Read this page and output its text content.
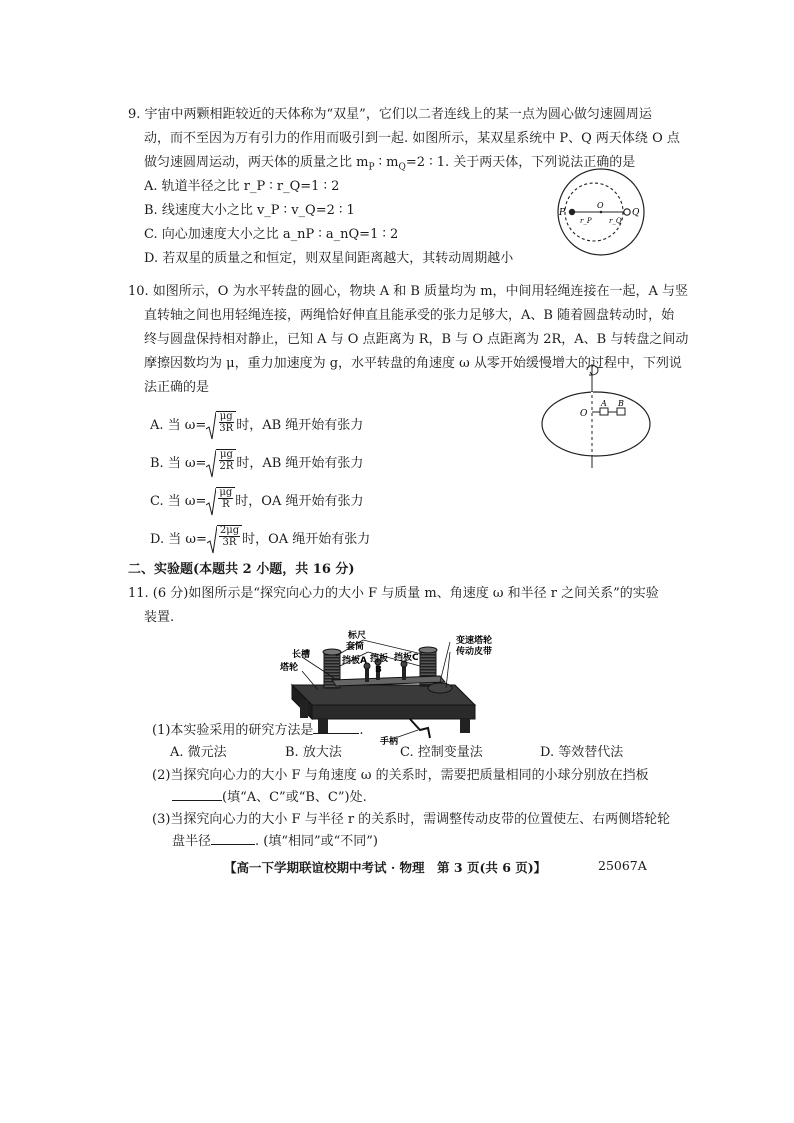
9. 宇宙中两颗相距较近的天体称为“双星”，它们以二者连线上的某一点为圆心做匀速圆周运
动，而不至因为万有引力的作用而吸引到一起. 如图所示，某双星系统中 P、Q 两天体绕 O 点
做匀速圆周运动，两天体的质量之比 $m_P$ ∶ $m_Q=2$ ∶ 1. 关于两天体，下列说法正确的是
A. 轨道半径之比 r_P ∶ r_Q=1 ∶ 2
B. 线速度大小之比 v_P ∶ v_Q=2 ∶ 1
C. 向心加速度大小之比 a_nP ∶ a_nQ=1 ∶ 2
D. 若双星的质量之和恒定，则双星间距离越大，其转动周期越小
P	Q
O
r_P r_Q
10. 如图所示，O 为水平转盘的圆心，物块 A 和 B 质量均为 m，中间用轻绳连接在一起，A 与竖
直转轴之间也用轻绳连接，两绳恰好伸直且能承受的张力足够大，A、B 随着圆盘转动时，始
终与圆盘保持相对静止，已知 A 与 O 点距离为 R，B 与 O 点距离为 2R，A、B 与转盘之间动
摩擦因数均为 μ，重力加速度为 g，水平转盘的角速度 ω 从零开始缓慢增大的过程中，下列说
法正确的是
A. 当 $\omega= \frac{\mu g}{3R}$ 时，AB 绳开始有张力
B. 当 $\omega= \frac{\mu g}{2R}$ 时，AB 绳开始有张力
C. 当 $\omega= \frac{\mu g}{R}$ 时，OA 绳开始有张力
D. 当 $\omega= \frac{2\mu g}{3R}$ 时，OA 绳开始有张力
O
A B
二、实验题(本题共 2 小题，共 16 分)
11. (6 分)如图所示是“探究向心力的大小 F 与质量 m、角速度 ω 和半径 r 之间关系”的实验
装置.
标尺
套筒
挡板
挡板A	挡板C
B
长槽
塔轮
变速塔轮
传动皮带
手柄
(1)本实验采用的研究方法是	.
A. 微元法	B. 放大法	C. 控制变量法	D. 等效替代法
(2)当探究向心力的大小 F 与角速度 ω 的关系时，需要把质量相同的小球分别放在挡板
(填“A、C”或“B、C”)处.
(3)当探究向心力的大小 F 与半径 r 的关系时，需调整传动皮带的位置使左、右两侧塔轮轮
盘半径	. (填“相同”或“不同”)
【高一下学期联谊校期中考试 · 物理　第 3 页(共 6 页)】	25067A
